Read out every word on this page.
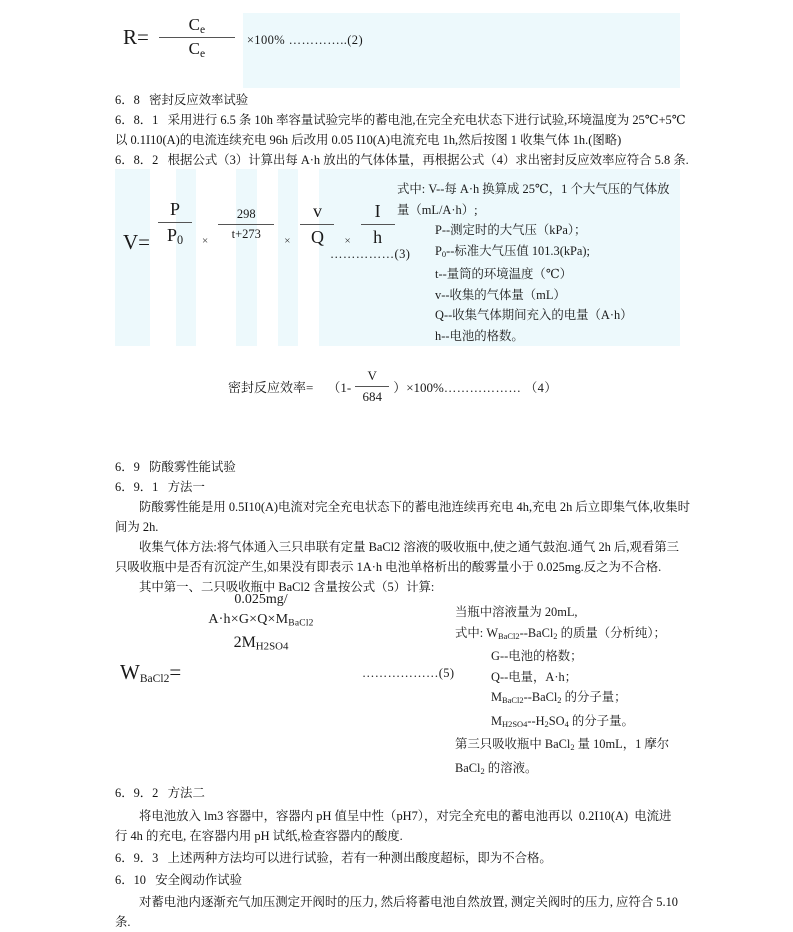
$R= \frac{C_e}{C_e} \times 100\%$ …………..(2)
6．8   密封反应效率试验
6．8．1 采用进行 6.5 条 10h 率容量试验完毕的蓄电池,在完全充电状态下进行试验,环境温度为 25℃+5℃
以 0.1I10(A)的电流连续充电 96h 后改用 0.05 I10(A)电流充电 1h,然后按图 1 收集气体 1h.(图略)
6．8．2   根据公式（3）计算出每 A·h 放出的气体体量，再根据公式（4）求出密封反应效率应符合 5.8 条.
$V= \frac{P}{P_0} \times \frac{298}{t+273} \times \frac{v}{Q} \times \frac{I}{h}$
……………(3)
式中: V--每 A·h 换算成 25℃，1 个大气压的气体放
量（mL/A·h）;
P--测定时的大气压（kPa）；
$P_0--$标准大气压值 101.3(kPa);
t--量筒的环境温度（℃）
v--收集的气体量（mL）
Q--收集气体期间充入的电量（A·h）
h--电池的格数。
密封反应效率= $(1- \frac{V}{684} )\times 100\%$ ……………… （4）
6．9   防酸雾性能试验
6．9．1   方法一
防酸雾性能是用 0.5I10(A)电流对完全充电状态下的蓄电池连续再充电 4h,充电 2h 后立即集气体,收集时
间为 2h.
收集气体方法:将气体通入三只串联有定量 BaCl2 溶液的吸收瓶中,使之通气鼓泡.通气 2h 后,观看第三
只吸收瓶中是否有沉淀产生,如果没有即表示 1A·h 电池单格析出的酸雾量小于 0.025mg.反之为不合格.
其中第一、二只吸收瓶中 BaCl2 含量按公式（5）计算:
$W_{BaCl2}=$
0.025mg/
$A\cdot h\times G\times Q\times M_{BaCl2}$
$2M_{H2SO4}$
………………(5)
当瓶中溶液量为 20mL,
式中: $W_{BaCl2}--BaCl_2$ 的质量（分析纯）；
G--电池的格数；
Q--电量，A·h；
$M_{BaCl2}--BaCl_2$ 的分子量；
$M_{H2SO4}--H_2SO_4$ 的分子量。
第三只吸收瓶中 BaCl$_2$ 量 10mL，1 摩尔
BaCl$_2$ 的溶液。
6．9．2   方法二
将电池放入 lm3 容器中，容器内 pH 值呈中性（pH7），对完全充电的蓄电池再以  0.2I10(A)  电流进
行 4h 的充电, 在容器内用 pH 试纸,检查容器内的酸度.
6．9．3   上述两种方法均可以进行试验，若有一种测出酸度超标，即为不合格。
6．10   安全阀动作试验
对蓄电池内逐渐充气加压测定开阀时的压力, 然后将蓄电池自然放置, 测定关阀时的压力, 应符合 5.10
条.
